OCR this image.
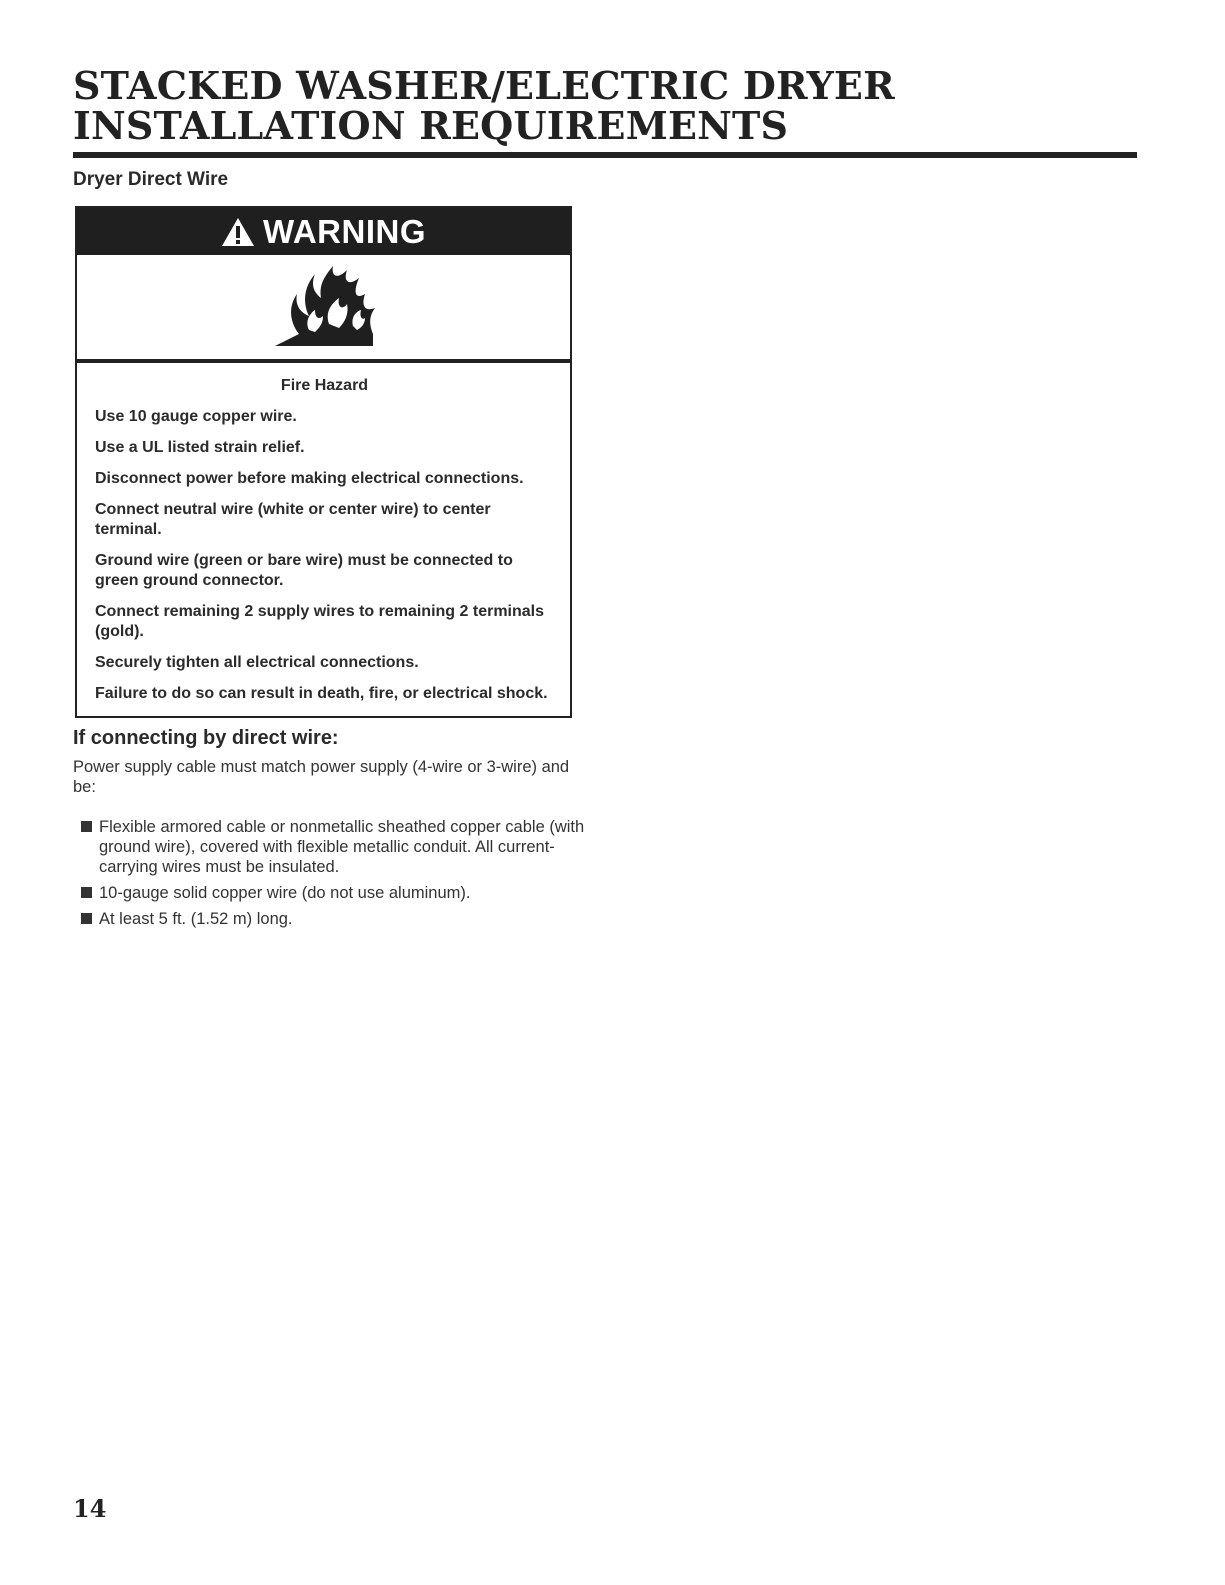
STACKED WASHER/ELECTRIC DRYER INSTALLATION REQUIREMENTS
Dryer Direct Wire
WARNING

Fire Hazard

Use 10 gauge copper wire.

Use a UL listed strain relief.

Disconnect power before making electrical connections.

Connect neutral wire (white or center wire) to center terminal.

Ground wire (green or bare wire) must be connected to green ground connector.

Connect remaining 2 supply wires to remaining 2 terminals (gold).

Securely tighten all electrical connections.

Failure to do so can result in death, fire, or electrical shock.

If connecting by direct wire:

Power supply cable must match power supply (4-wire or 3-wire) and be:

Flexible armored cable or nonmetallic sheathed copper cable (with ground wire), covered with flexible metallic conduit. All current-carrying wires must be insulated.
10-gauge solid copper wire (do not use aluminum).
At least 5 ft. (1.52 m) long.

14
